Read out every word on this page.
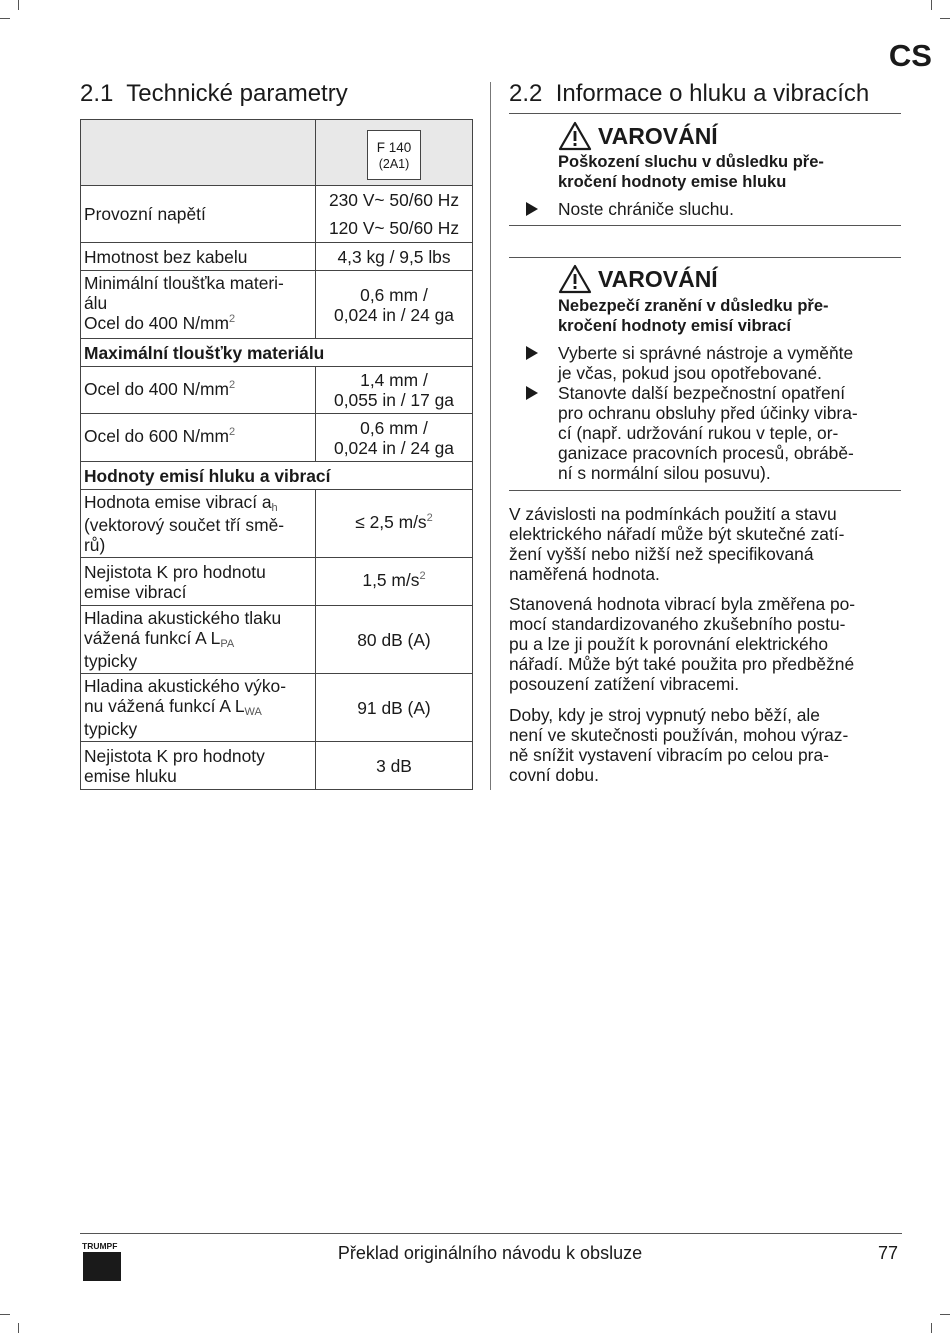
CS
2.1 Technické parametry

	F 140
(2A1)

Provozní napětí	230 V~ 50/60 Hz
120 V~ 50/60 Hz

Hmotnost bez kabelu	4,3 kg / 9,5 lbs

Minimální tloušťka materi-
álu
Ocel do 400 $N/mm^2$	0,6 mm /
0,024 in / 24 ga

Maximální tloušťky materiálu	
Ocel do 400 $N/mm^2$	1,4 mm /
0,055 in / 17 ga

Ocel do 600 $N/mm^2$	0,6 mm /
0,024 in / 24 ga

Hodnoty emisí hluku a vibrací	

Hodnota emise vibrací ah
(vektorový součet tří smě-
rů)	≤ 2,5 $m/s^2$

Nejistota K pro hodnotu
emise vibrací	1,5 $m/s^2$

Hladina akustického tlaku
vážená funkcí A LPA
typicky	80 dB (A)

Hladina akustického výko-
nu vážená funkcí A LWA
typicky	91 dB (A)

Nejistota K pro hodnoty
emise hluku	3 dB
2.2 Informace o hluku a vibracích
VAROVÁNÍ
Poškození sluchu v důsledku pře-
kročení hodnoty emise hluku
Noste chrániče sluchu.
VAROVÁNÍ
Nebezpečí zranění v důsledku pře-
kročení hodnoty emisí vibrací
Vyberte si správné nástroje a vyměňte
je včas, pokud jsou opotřebované.
Stanovte další bezpečnostní opatření
pro ochranu obsluhy před účinky vibra-
cí (např. udržování rukou v teple, or-
ganizace pracovních procesů, obrábě-
ní s normální silou posuvu).
V závislosti na podmínkách použití a stavu
elektrického nářadí může být skutečné zatí-
žení vyšší nebo nižší než specifikovaná
naměřená hodnota.
Stanovená hodnota vibrací byla změřena po-
mocí standardizovaného zkušebního postu-
pu a lze ji použít k porovnání elektrického
nářadí. Může být také použita pro předběžné
posouzení zatížení vibracemi.
Doby, kdy je stroj vypnutý nebo běží, ale
není ve skutečnosti používán, mohou výraz-
ně snížit vystavení vibracím po celou pra-
covní dobu.
TRUMPF	Překlad originálního návodu k obsluze	77
